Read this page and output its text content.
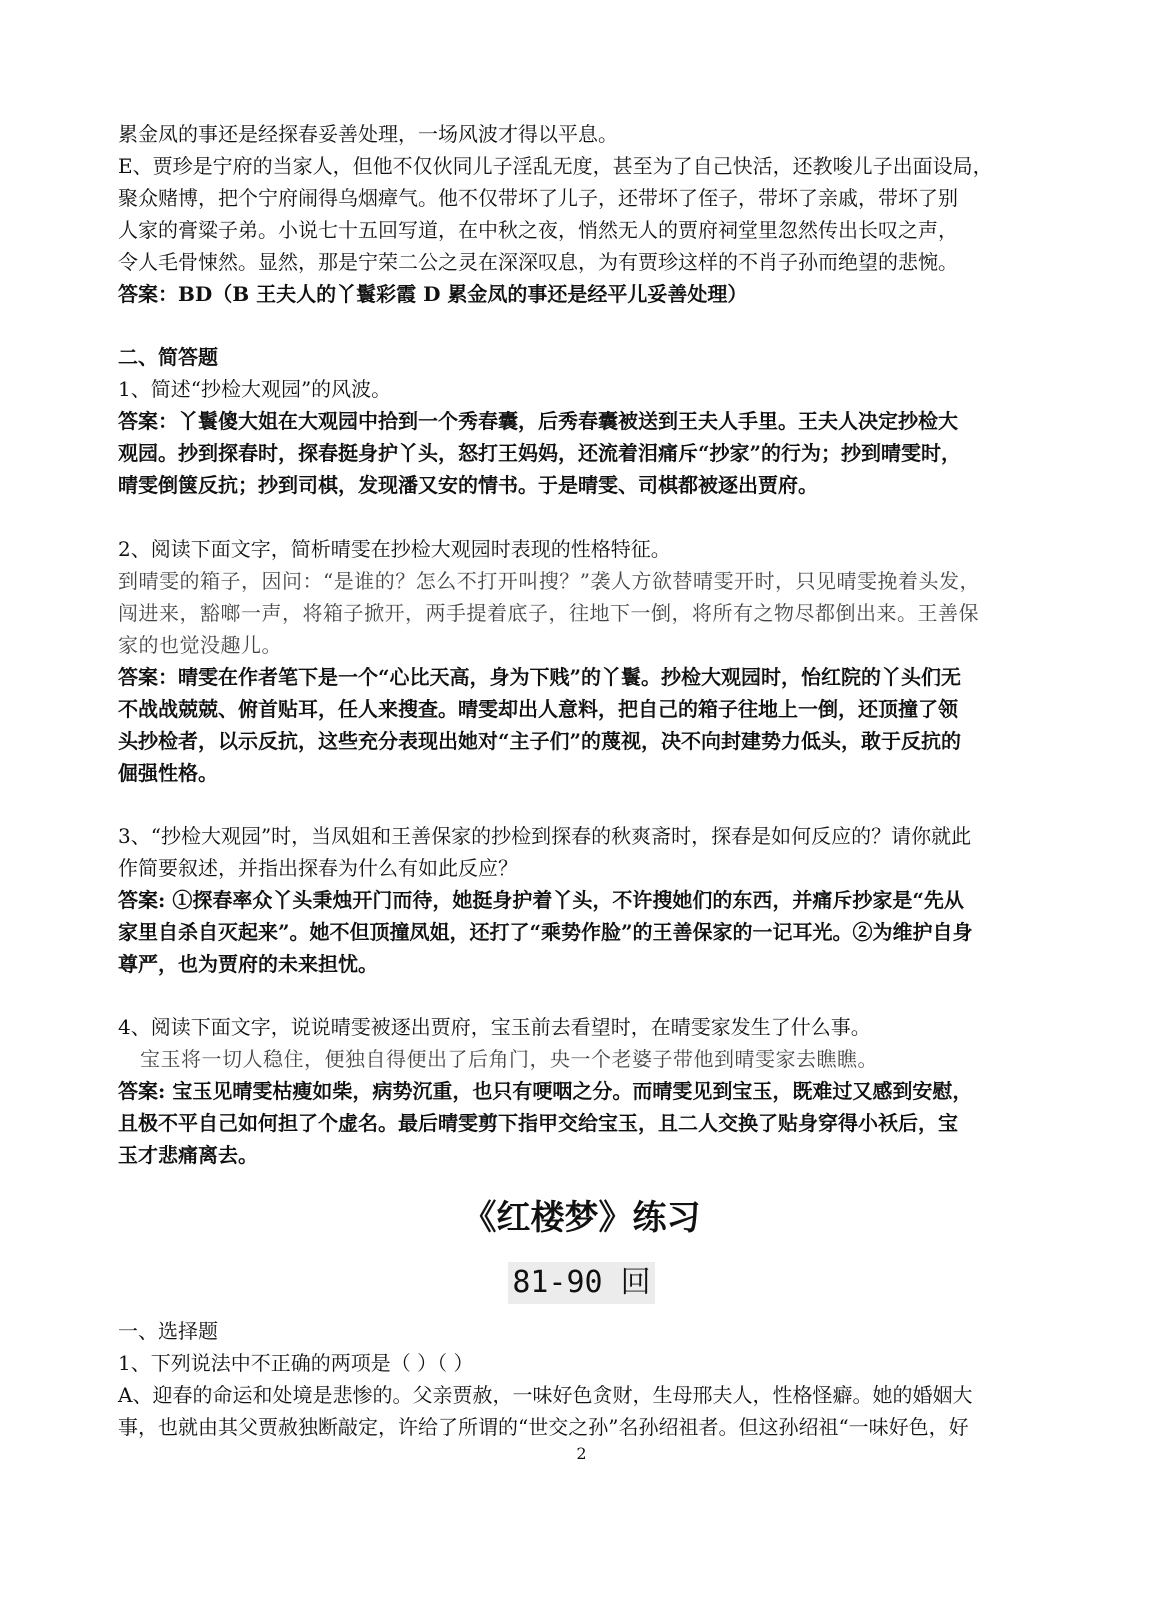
累金凤的事还是经探春妥善处理，一场风波才得以平息。
E、贾珍是宁府的当家人，但他不仅伙同儿子淫乱无度，甚至为了自己快活，还教唆儿子出面设局，
聚众赌博，把个宁府闹得乌烟瘴气。他不仅带坏了儿子，还带坏了侄子，带坏了亲戚，带坏了别
人家的膏粱子弟。小说七十五回写道，在中秋之夜，悄然无人的贾府祠堂里忽然传出长叹之声，
令人毛骨悚然。显然，那是宁荣二公之灵在深深叹息，为有贾珍这样的不肖子孙而绝望的悲惋。
答案：BD（B 王夫人的丫鬟彩霞 D 累金凤的事还是经平儿妥善处理）
二、简答题
1、简述“抄检大观园”的风波。
答案：丫鬟傻大姐在大观园中拾到一个秀春囊，后秀春囊被送到王夫人手里。王夫人决定抄检大
观园。抄到探春时，探春挺身护丫头，怒打王妈妈，还流着泪痛斥“抄家”的行为；抄到晴雯时，
晴雯倒箧反抗；抄到司棋，发现潘又安的情书。于是晴雯、司棋都被逐出贾府。
2、阅读下面文字，简析晴雯在抄检大观园时表现的性格特征。
到晴雯的箱子，因问：“是谁的？怎么不打开叫搜？”袭人方欲替晴雯开时，只见晴雯挽着头发，
闯进来，豁啷一声，将箱子掀开，两手提着底子，往地下一倒，将所有之物尽都倒出来。王善保
家的也觉没趣儿。
答案：晴雯在作者笔下是一个“心比天高，身为下贱”的丫鬟。抄检大观园时，怡红院的丫头们无
不战战兢兢、俯首贴耳，任人来搜查。晴雯却出人意料，把自己的箱子往地上一倒，还顶撞了领
头抄检者，以示反抗，这些充分表现出她对“主子们”的蔑视，决不向封建势力低头，敢于反抗的
倔强性格。
3、“抄检大观园”时，当凤姐和王善保家的抄检到探春的秋爽斋时，探春是如何反应的？请你就此
作简要叙述，并指出探春为什么有如此反应？
答案: ①探春率众丫头秉烛开门而待，她挺身护着丫头，不许搜她们的东西，并痛斥抄家是“先从
家里自杀自灭起来”。她不但顶撞凤姐，还打了“乘势作脸”的王善保家的一记耳光。②为维护自身
尊严，也为贾府的未来担忧。
4、阅读下面文字，说说晴雯被逐出贾府，宝玉前去看望时，在晴雯家发生了什么事。
宝玉将一切人稳住，便独自得便出了后角门，央一个老婆子带他到晴雯家去瞧瞧。
答案: 宝玉见晴雯枯瘦如柴，病势沉重，也只有哽咽之分。而晴雯见到宝玉，既难过又感到安慰，
且极不平自己如何担了个虚名。最后晴雯剪下指甲交给宝玉，且二人交换了贴身穿得小袄后，宝
玉才悲痛离去。
《红楼梦》练习
81-90 回
一、选择题
1、下列说法中不正确的两项是（ ）（ ）
A、迎春的命运和处境是悲惨的。父亲贾赦，一味好色贪财，生母邢夫人，性格怪癖。她的婚姻大
事，也就由其父贾赦独断敲定，许给了所谓的“世交之孙”名孙绍祖者。但这孙绍祖“一味好色，好
2
